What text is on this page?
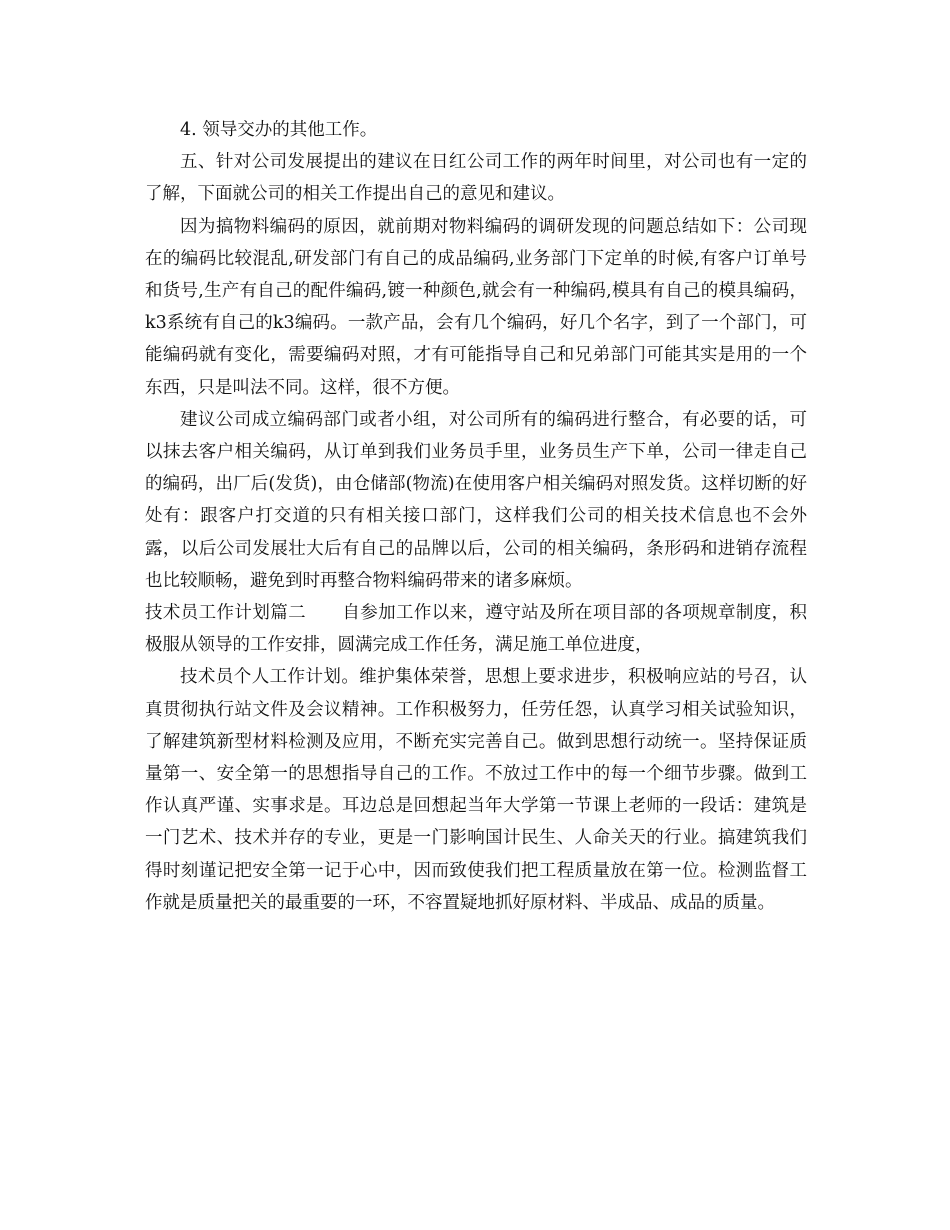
4. 领导交办的其他工作。

五、针对公司发展提出的建议在日红公司工作的两年时间里，对公司也有一定的了解，下面就公司的相关工作提出自己的意见和建议。

因为搞物料编码的原因，就前期对物料编码的调研发现的问题总结如下：公司现在的编码比较混乱,研发部门有自己的成品编码,业务部门下定单的时候,有客户订单号和货号,生产有自己的配件编码,镀一种颜色,就会有一种编码,模具有自己的模具编码，k3系统有自己的k3编码。一款产品，会有几个编码，好几个名字，到了一个部门，可能编码就有变化，需要编码对照，才有可能指导自己和兄弟部门可能其实是用的一个东西，只是叫法不同。这样，很不方便。

建议公司成立编码部门或者小组，对公司所有的编码进行整合，有必要的话，可以抹去客户相关编码，从订单到我们业务员手里，业务员生产下单，公司一律走自己的编码，出厂后(发货)，由仓储部(物流)在使用客户相关编码对照发货。这样切断的好处有：跟客户打交道的只有相关接口部门，这样我们公司的相关技术信息也不会外露，以后公司发展壮大后有自己的品牌以后，公司的相关编码，条形码和进销存流程也比较顺畅，避免到时再整合物料编码带来的诸多麻烦。

技术员工作计划篇二 自参加工作以来，遵守站及所在项目部的各项规章制度，积极服从领导的工作安排，圆满完成工作任务，满足施工单位进度，

技术员个人工作计划。维护集体荣誉，思想上要求进步，积极响应站的号召，认真贯彻执行站文件及会议精神。工作积极努力，任劳任怨，认真学习相关试验知识，了解建筑新型材料检测及应用，不断充实完善自己。做到思想行动统一。坚持保证质量第一、安全第一的思想指导自己的工作。不放过工作中的每一个细节步骤。做到工作认真严谨、实事求是。耳边总是回想起当年大学第一节课上老师的一段话：建筑是一门艺术、技术并存的专业，更是一门影响国计民生、人命关天的行业。搞建筑我们得时刻谨记把安全第一记于心中，因而致使我们把工程质量放在第一位。检测监督工作就是质量把关的最重要的一环，不容置疑地抓好原材料、半成品、成品的质量。
